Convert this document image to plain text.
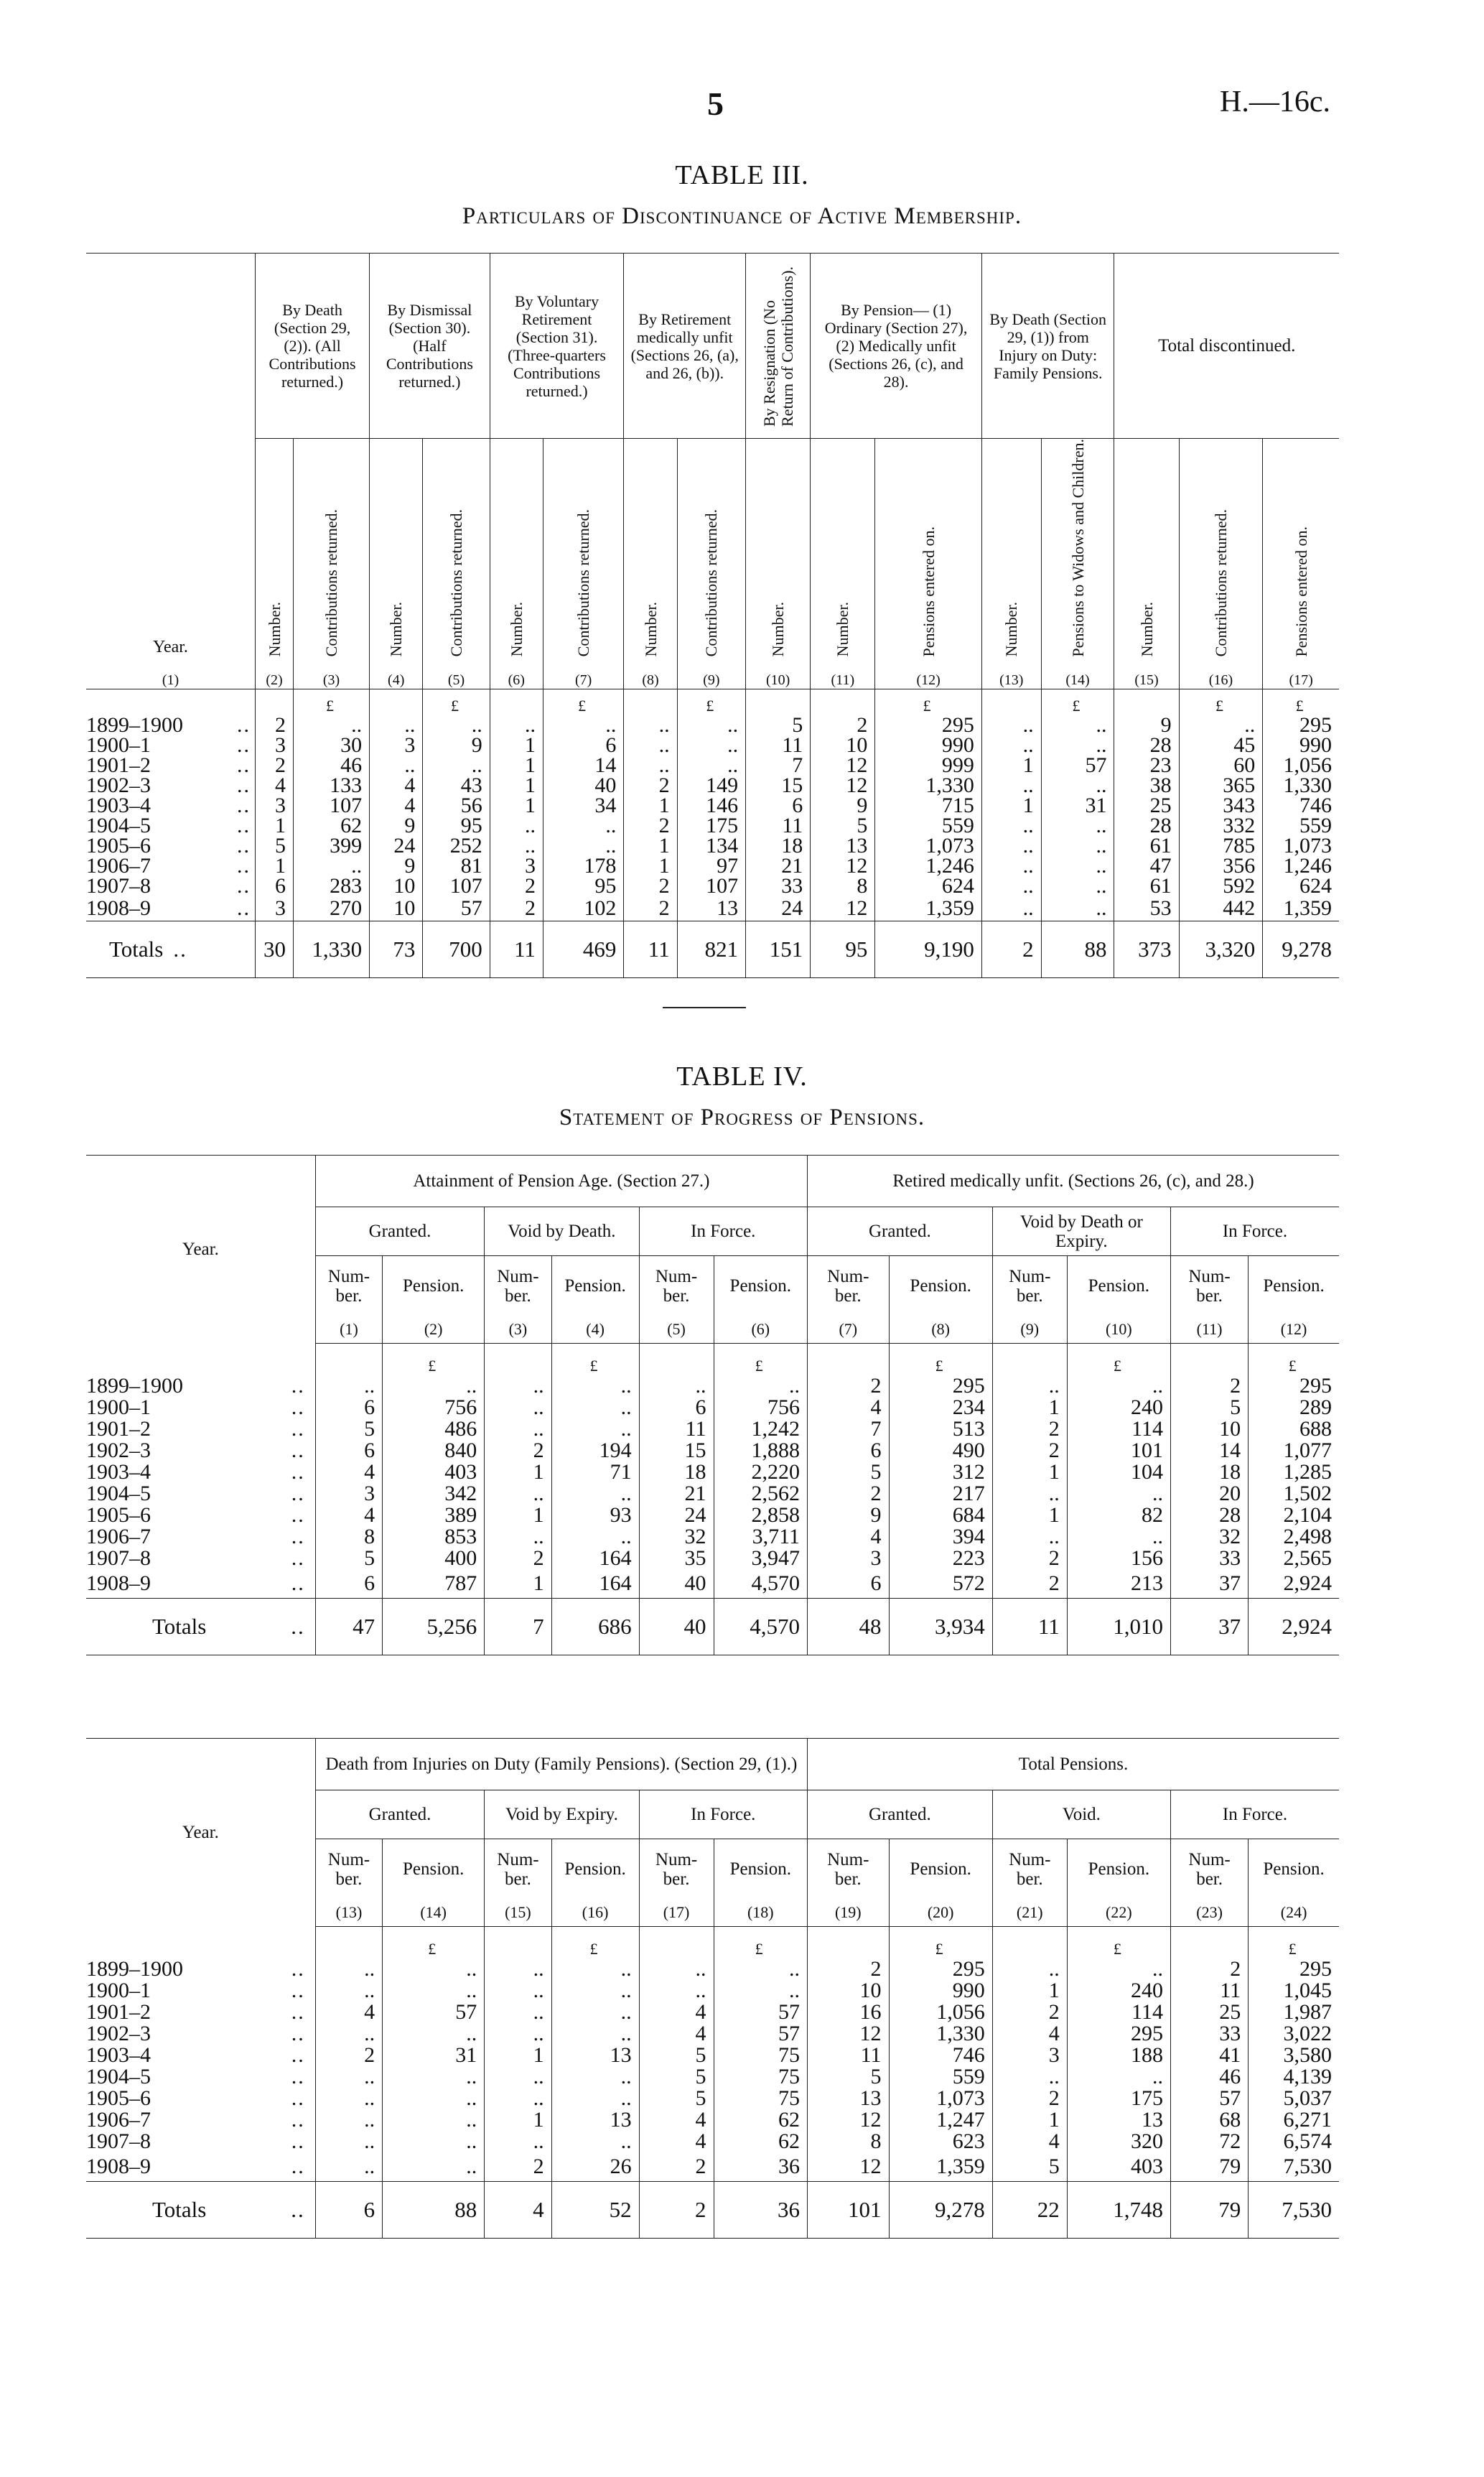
5	H.—16c.
TABLE III.
Particulars of Discontinuance of Active Membership.
Year.	By Death (Section 29, (2)). (All Contributions returned.)		By Dismissal (Section 30). (Half Contributions returned.)		By Voluntary Retirement (Section 31). (Three-quarters Contributions returned.)		By Retirement medically unfit (Sections 26, (a), and 26, (b)).		By Resignation (No Return of Contributions).	By Pension— (1) Ordinary (Section 27), (2) Medically unfit (Sections 26, (c), and 28).		By Death (Section 29, (1)) from Injury on Duty: Family Pensions.		Total discontinued.		
	Number.	Contributions returned.	Number.	Contributions returned.	Number.	Contributions returned.	Number.	Contributions returned.	Number.	Number.	Pensions entered on.	Number.	Pensions to Widows and Children.	Number.	Contributions returned.	Pensions entered on.
(1)	(2)	(3)	(4)	(5)	(6)	(7)	(8)	(9)	(10)	(11)	(12)	(13)	(14)	(15)	(16)	(17)
		£		£		£		£			£		£		£	£
1899–1900 ..	2	..	..	..	..	..	..	..	5	2	295	..	..	9	..	295
1900–1 ..	3	30	3	9	1	6	..	..	11	10	990	..	..	28	45	990
1901–2 ..	2	46	..	..	1	14	..	..	7	12	999	1	57	23	60	1,056
1902–3 ..	4	133	4	43	1	40	2	149	15	12	1,330	..	..	38	365	1,330
1903–4 ..	3	107	4	56	1	34	1	146	6	9	715	1	31	25	343	746
1904–5 ..	1	62	9	95	..	..	2	175	11	5	559	..	..	28	332	559
1905–6 ..	5	399	24	252	..	..	1	134	18	13	1,073	..	..	61	785	1,073
1906–7 ..	1	..	9	81	3	178	1	97	21	12	1,246	..	..	47	356	1,246
1907–8 ..	6	283	10	107	2	95	2	107	33	8	624	..	..	61	592	624
1908–9 ..	3	270	10	57	2	102	2	13	24	12	1,359	..	..	53	442	1,359
Totals ..	30	1,330	73	700	11	469	11	821	151	95	9,190	2	88	373	3,320	9,278
TABLE IV.
Statement of Progress of Pensions.
Year.	Attainment of Pension Age. (Section 27.)						Retired medically unfit. (Sections 26, (c), and 28.)					
	Granted.		Void by Death.		In Force.		Granted.		Void by Death or Expiry.		In Force.	
	Num- ber.	Pension.	Num- ber.	Pension.	Num- ber.	Pension.	Num- ber.	Pension.	Num- ber.	Pension.	Num- ber.	Pension.
	(1)	(2)	(3)	(4)	(5)	(6)	(7)	(8)	(9)	(10)	(11)	(12)
		£		£		£		£		£		£
1899–1900 ..	..	..	..	..	..	..	2	295	..	..	2	295
1900–1 ..	6	756	..	..	6	756	4	234	1	240	5	289
1901–2 ..	5	486	..	..	11	1,242	7	513	2	114	10	688
1902–3 ..	6	840	2	194	15	1,888	6	490	2	101	14	1,077
1903–4 ..	4	403	1	71	18	2,220	5	312	1	104	18	1,285
1904–5 ..	3	342	..	..	21	2,562	2	217	..	..	20	1,502
1905–6 ..	4	389	1	93	24	2,858	9	684	1	82	28	2,104
1906–7 ..	8	853	..	..	32	3,711	4	394	..	..	32	2,498
1907–8 ..	5	400	2	164	35	3,947	3	223	2	156	33	2,565
1908–9 ..	6	787	1	164	40	4,570	6	572	2	213	37	2,924
Totals ..	47	5,256	7	686	40	4,570	48	3,934	11	1,010	37	2,924
Year.	Death from Injuries on Duty (Family Pensions). (Section 29, (1).)						Total Pensions.					
	Granted.		Void by Expiry.		In Force.		Granted.		Void.		In Force.	
	Num- ber.	Pension.	Num- ber.	Pension.	Num- ber.	Pension.	Num- ber.	Pension.	Num- ber.	Pension.	Num- ber.	Pension.
	(13)	(14)	(15)	(16)	(17)	(18)	(19)	(20)	(21)	(22)	(23)	(24)
		£		£		£		£		£		£
1899–1900 ..	..	..	..	..	..	..	2	295	..	..	2	295
1900–1 ..	..	..	..	..	..	..	10	990	1	240	11	1,045
1901–2 ..	4	57	..	..	4	57	16	1,056	2	114	25	1,987
1902–3 ..	..	..	..	..	4	57	12	1,330	4	295	33	3,022
1903–4 ..	2	31	1	13	5	75	11	746	3	188	41	3,580
1904–5 ..	..	..	..	..	5	75	5	559	..	..	46	4,139
1905–6 ..	..	..	..	..	5	75	13	1,073	2	175	57	5,037
1906–7 ..	..	..	1	13	4	62	12	1,247	1	13	68	6,271
1907–8 ..	..	..	..	..	4	62	8	623	4	320	72	6,574
1908–9 ..	..	..	2	26	2	36	12	1,359	5	403	79	7,530
Totals ..	6	88	4	52	2	36	101	9,278	22	1,748	79	7,530
